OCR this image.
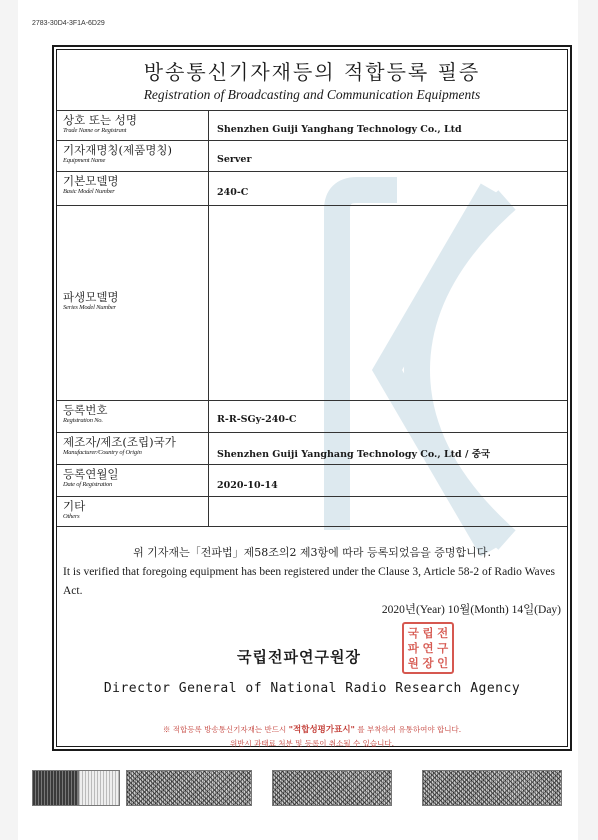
2783-30D4-3F1A-6D29
방송통신기자재등의 적합등록 필증
Registration of Broadcasting and Communication Equipments
상호 또는 성명
Trade Name or Registrant	Shenzhen Guiji Yanghang Technology Co., Ltd
기자재명칭(제품명칭)
Equipment Name	Server
기본모델명
Basic Model Number	240-C
파생모델명
Series Model Number
등록번호
Registration No.	R-R-SGy-240-C
제조자/제조(조립)국가
Manufacturer/Country of Origin	Shenzhen Guiji Yanghang Technology Co., Ltd / 중국
등록연월일
Date of Registration	2020-10-14
기타
Others
위 기자재는「전파법」제58조의2 제3항에 따라 등록되었음을 증명합니다.
It is verified that foregoing equipment has been registered under the Clause 3, Article 58-2 of Radio Waves Act.
2020년(Year) 10월(Month) 14일(Day)
국립전파연구원장
국 립 전
파 연 구
원 장 인
Director General of National Radio Research Agency
※ 적합등록 방송통신기자재는 반드시 "적합성평가표시" 를 부착하여 유통하여야 합니다.
위반시 과태료 처분 및 등록이 취소될 수 있습니다.
